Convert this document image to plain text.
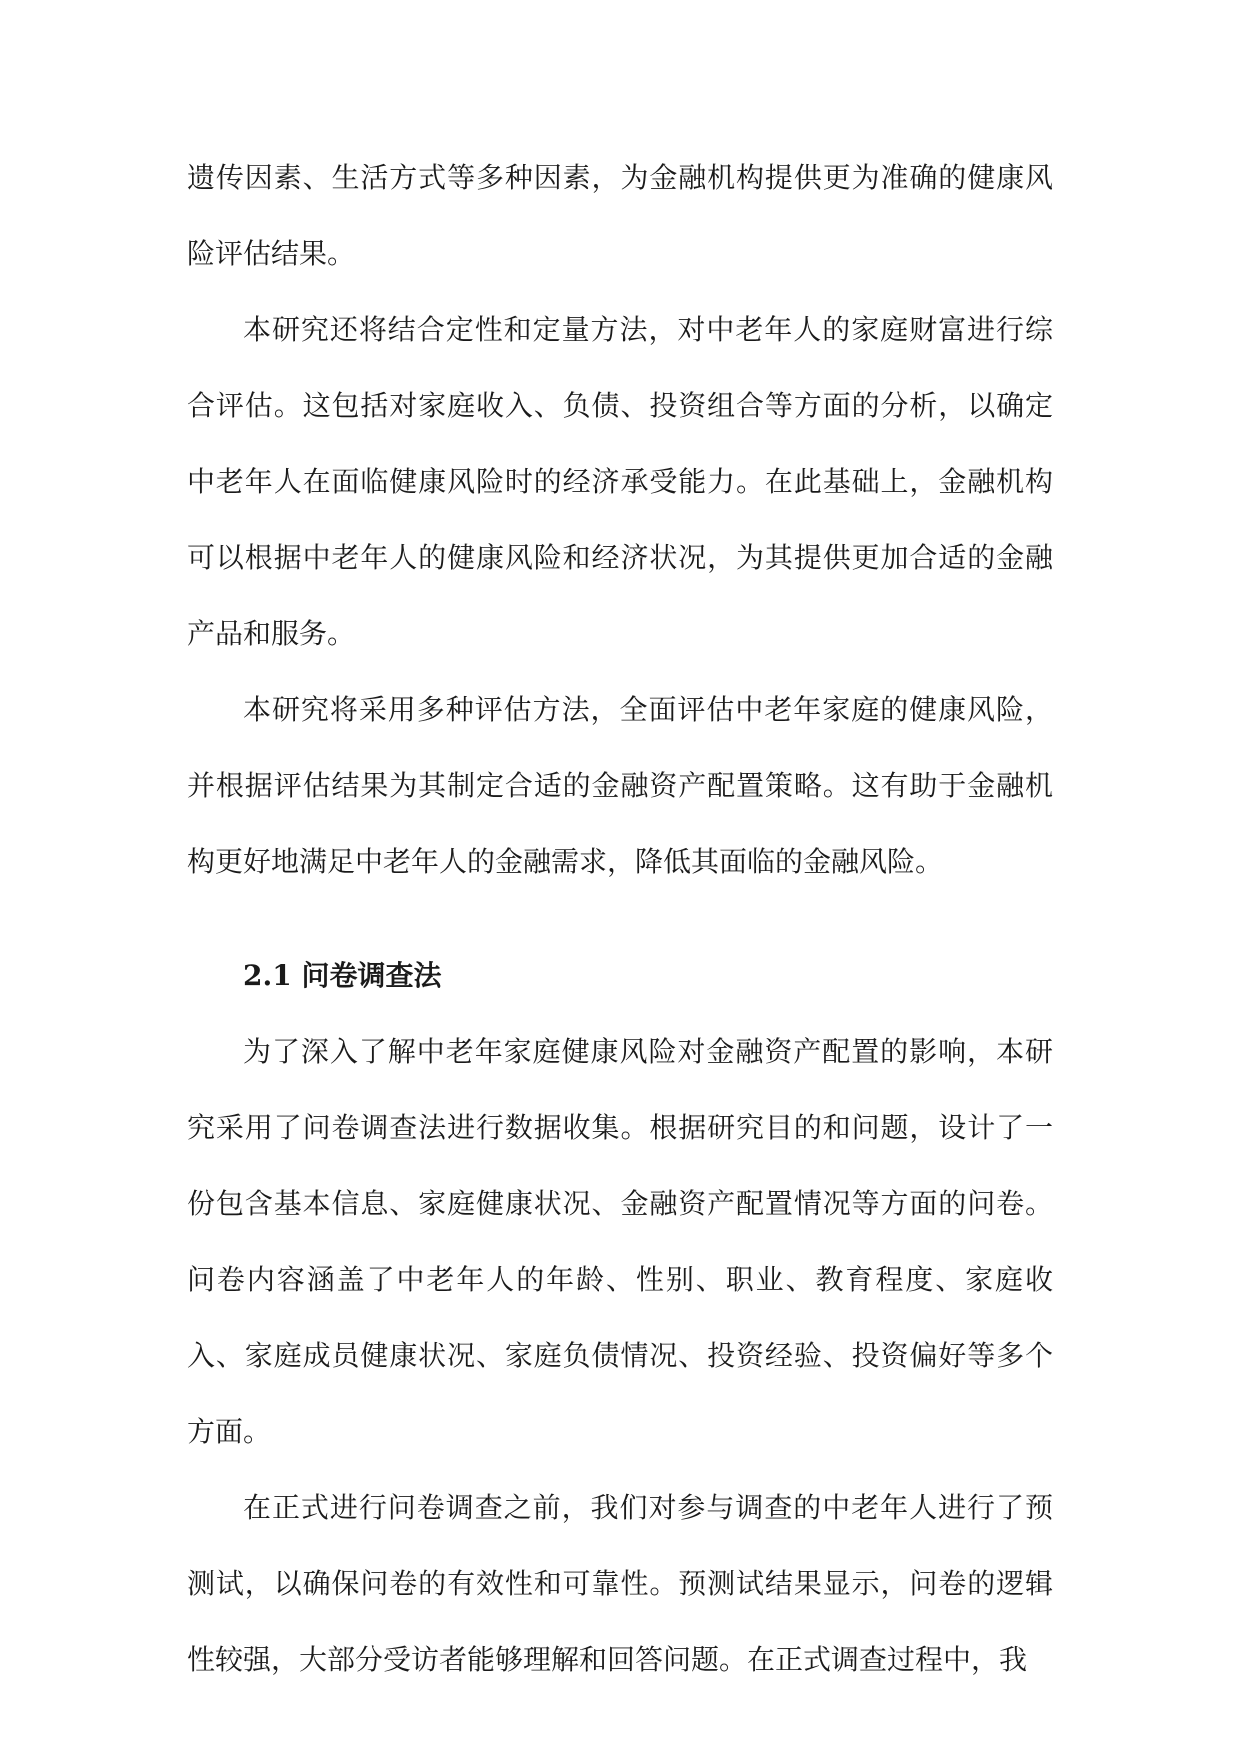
遗传因素、生活方式等多种因素，为金融机构提供更为准确的健康风险评估结果。

本研究还将结合定性和定量方法，对中老年人的家庭财富进行综合评估。这包括对家庭收入、负债、投资组合等方面的分析，以确定中老年人在面临健康风险时的经济承受能力。在此基础上，金融机构可以根据中老年人的健康风险和经济状况，为其提供更加合适的金融产品和服务。

本研究将采用多种评估方法，全面评估中老年家庭的健康风险，并根据评估结果为其制定合适的金融资产配置策略。这有助于金融机构更好地满足中老年人的金融需求，降低其面临的金融风险。

2.1 问卷调查法

为了深入了解中老年家庭健康风险对金融资产配置的影响，本研究采用了问卷调查法进行数据收集。根据研究目的和问题，设计了一份包含基本信息、家庭健康状况、金融资产配置情况等方面的问卷。问卷内容涵盖了中老年人的年龄、性别、职业、教育程度、家庭收入、家庭成员健康状况、家庭负债情况、投资经验、投资偏好等多个方面。

在正式进行问卷调查之前，我们对参与调查的中老年人进行了预测试，以确保问卷的有效性和可靠性。预测试结果显示，问卷的逻辑性较强，大部分受访者能够理解和回答问题。在正式调查过程中，我
